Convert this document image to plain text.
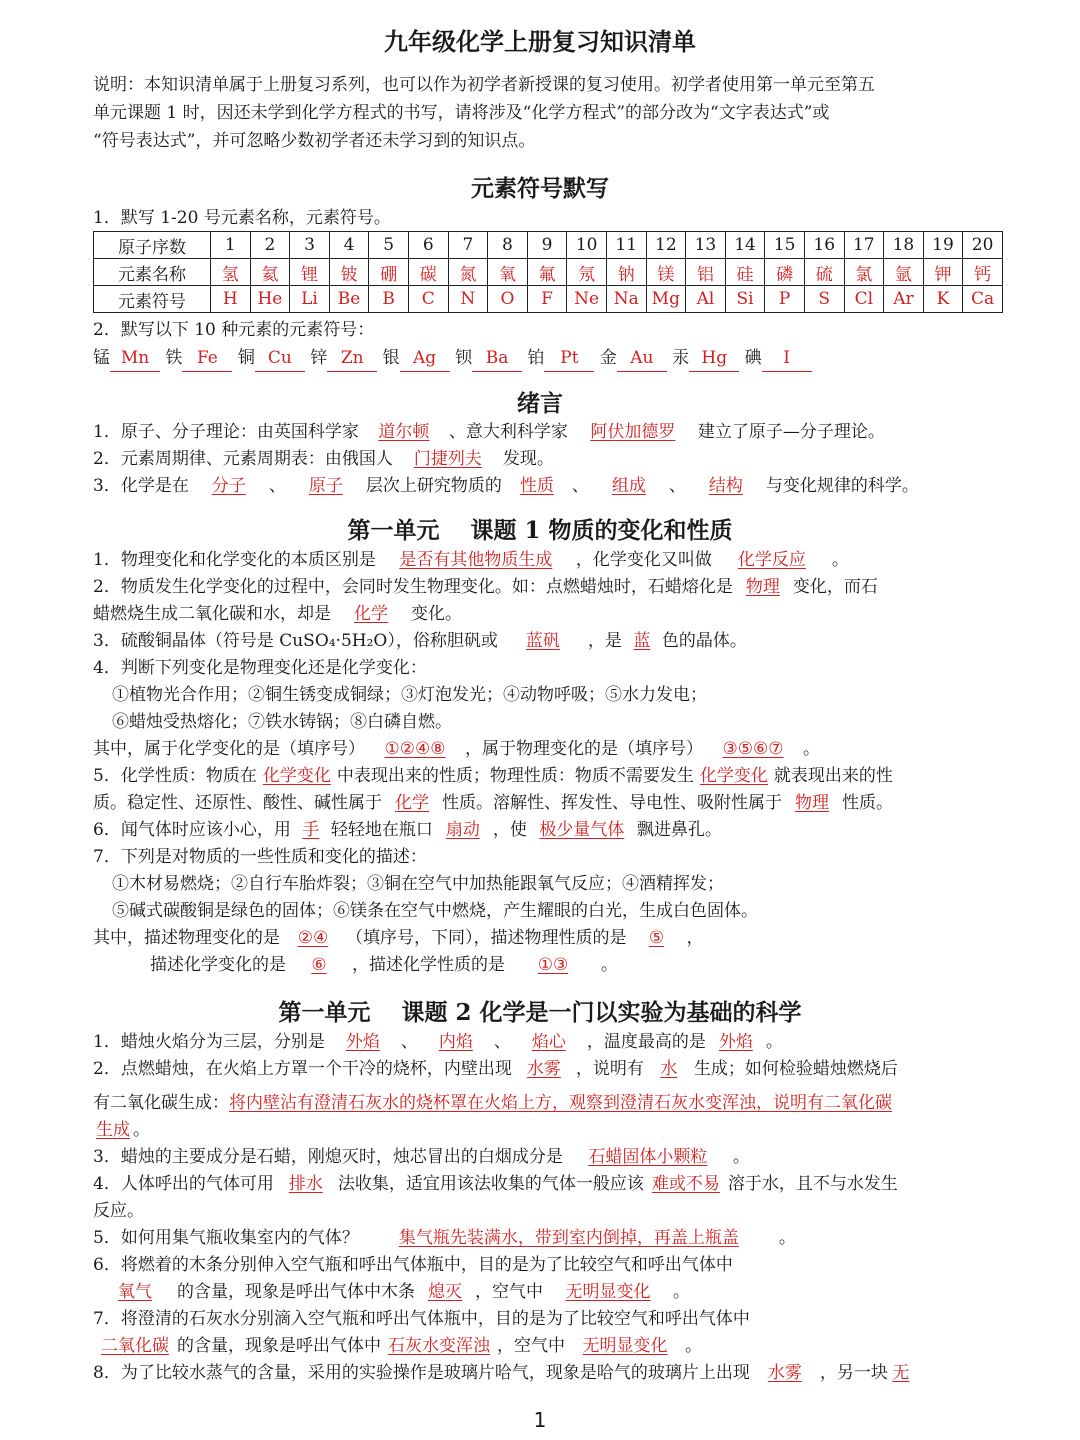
九年级化学上册复习知识清单
说明：本知识清单属于上册复习系列，也可以作为初学者新授课的复习使用。初学者使用第一单元至第五
单元课题 1 时，因还未学到化学方程式的书写，请将涉及“化学方程式”的部分改为“文字表达式”或
“符号表达式”，并可忽略少数初学者还未学习到的知识点。
元素符号默写
1．默写 1-20 号元素名称，元素符号。
原子序数	1	2	3	4	5	6	7	8	9	10	11	12	13	14	15	16	17	18	19	20
元素名称	氢	氦	锂	铍	硼	碳	氮	氧	氟	氖	钠	镁	铝	硅	磷	硫	氯	氩	钾	钙
元素符号	H	He	Li	Be	B	C	N	O	F	Ne	Na	Mg	Al	Si	P	S	Cl	Ar	K	Ca
2．默写以下 10 种元素的元素符号：
锰 Mn 铁 Fe 铜 Cu 锌 Zn 银 Ag 钡 Ba 铂 Pt 金 Au 汞 Hg 碘 I
绪言
1．原子、分子理论：由英国科学家 道尔顿 、意大利科学家 阿伏加德罗 建立了原子—分子理论。
2．元素周期律、元素周期表：由俄国人 门捷列夫 发现。
3．化学是在 分子 、 原子 层次上研究物质的 性质 、 组成 、 结构 与变化规律的科学。
第一单元　 课题 1 物质的变化和性质
1．物理变化和化学变化的本质区别是 是否有其他物质生成 ，化学变化又叫做 化学反应 。
2．物质发生化学变化的过程中，会同时发生物理变化。如：点燃蜡烛时，石蜡熔化是 物理 变化，而石
蜡燃烧生成二氧化碳和水，却是 化学 变化。
3．硫酸铜晶体（符号是 CuSO₄·5H₂O），俗称胆矾或 蓝矾 ，是 蓝 色的晶体。
4．判断下列变化是物理变化还是化学变化：
①植物光合作用；②铜生锈变成铜绿；③灯泡发光；④动物呼吸；⑤水力发电；
⑥蜡烛受热熔化；⑦铁水铸锅；⑧白磷自燃。
其中，属于化学变化的是（填序号） ①②④⑧ ，属于物理变化的是（填序号） ③⑤⑥⑦ 。
5．化学性质：物质在 化学变化 中表现出来的性质；物理性质：物质不需要发生 化学变化 就表现出来的性
质。稳定性、还原性、酸性、碱性属于 化学 性质。溶解性、挥发性、导电性、吸附性属于 物理 性质。
6．闻气体时应该小心，用 手 轻轻地在瓶口 扇动 ，使 极少量气体 飘进鼻孔。
7．下列是对物质的一些性质和变化的描述：
①木材易燃烧；②自行车胎炸裂；③铜在空气中加热能跟氧气反应；④酒精挥发；
⑤碱式碳酸铜是绿色的固体；⑥镁条在空气中燃烧，产生耀眼的白光，生成白色固体。
其中，描述物理变化的是 ②④ （填序号，下同），描述物理性质的是 ⑤ ，
描述化学变化的是 ⑥ ，描述化学性质的是 ①③ 。
第一单元　 课题 2 化学是一门以实验为基础的科学
1．蜡烛火焰分为三层，分别是 外焰 、 内焰 、 焰心 ，温度最高的是 外焰 。
2．点燃蜡烛，在火焰上方罩一个干冷的烧杯，内壁出现 水雾 ，说明有 水 生成；如何检验蜡烛燃烧后
有二氧化碳生成：将内壁沾有澄清石灰水的烧杯罩在火焰上方，观察到澄清石灰水变浑浊，说明有二氧化碳
生成 。
3．蜡烛的主要成分是石蜡，刚熄灭时，烛芯冒出的白烟成分是 石蜡固体小颗粒 。
4．人体呼出的气体可用 排水 法收集，适宜用该法收集的气体一般应该 难或不易 溶于水，且不与水发生
反应。
5．如何用集气瓶收集室内的气体？ 集气瓶先装满水，带到室内倒掉，再盖上瓶盖 。
6．将燃着的木条分别伸入空气瓶和呼出气体瓶中，目的是为了比较空气和呼出气体中
氧气 的含量，现象是呼出气体中木条 熄灭 ，空气中 无明显变化 。
7．将澄清的石灰水分别滴入空气瓶和呼出气体瓶中，目的是为了比较空气和呼出气体中
二氧化碳 的含量，现象是呼出气体中 石灰水变浑浊 ，空气中 无明显变化 。
8．为了比较水蒸气的含量，采用的实验操作是玻璃片哈气，现象是哈气的玻璃片上出现 水雾 ，另一块 无
1
